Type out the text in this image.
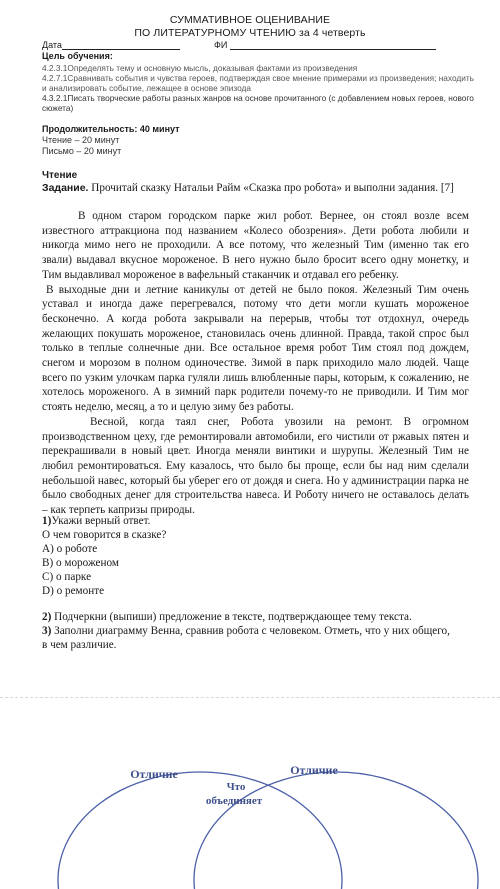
СУММАТИВНОЕ ОЦЕНИВАНИЕ
ПО ЛИТЕРАТУРНОМУ ЧТЕНИЮ за 4 четверть
Дата	ФИ
Цель обучения:
4.2.3.1Определять тему и основную мысль, доказывая фактами из произведения
4.2.7.1Сравнивать события и чувства героев, подтверждая свое мнение примерами из произведения; находить и анализировать событие, лежащее в основе эпизода
4.3.2.1Писать творческие работы разных жанров на основе прочитанного (с добавлением новых героев, нового сюжета)
Продолжительность: 40 минут
Чтение – 20 минут
Письмо – 20 минут
Чтение
Задание. Прочитай сказку Натальи Райм «Сказка про робота» и выполни задания. [7]

В одном старом городском парке жил робот. Вернее, он стоял возле всем известного аттракциона под названием «Колесо обозрения». Дети робота любили и никогда мимо него не проходили. А все потому, что железный Тим (именно так его звали) выдавал вкусное мороженое. В него нужно было бросит всего одну монетку, и Тим выдавливал мороженое в вафельный стаканчик и отдавал его ребенку.

В выходные дни и летние каникулы от детей не было покоя. Железный Тим очень уставал и иногда даже перегревался, потому что дети могли кушать мороженое бесконечно. А когда робота закрывали на перерыв, чтобы тот отдохнул, очередь желающих покушать мороженое, становилась очень длинной. Правда, такой спрос был только в теплые солнечные дни. Все остальное время робот Тим стоял под дождем, снегом и морозом в полном одиночестве. Зимой в парк приходило мало людей. Чаще всего по узким улочкам парка гуляли лишь влюбленные пары, которым, к сожалению, не хотелось мороженого. А в зимний парк родители почему-то не приводили. И Тим мог стоять неделю, месяц, а то и целую зиму без работы.

Весной, когда таял снег, Робота увозили на ремонт. В огромном производственном цеху, где ремонтировали автомобили, его чистили от ржавых пятен и перекрашивали в новый цвет. Иногда меняли винтики и шурупы. Железный Тим не любил ремонтироваться. Ему казалось, что было бы проще, если бы над ним сделали небольшой навес, который бы уберег его от дождя и снега. Но у администрации парка не было свободных денег для строительства навеса. И Роботу ничего не оставалось делать – как терпеть капризы природы.

1)Укажи верный ответ.
О чем говорится в сказке?
А) о роботе
В) о мороженом
С) о парке
D) о ремонте
2) Подчеркни (выпиши) предложение в тексте, подтверждающее тему текста.
3) Заполни диаграмму Венна, сравнив робота с человеком. Отметь, что у них общего, в чем различие.
Отличие	Отличие
Что
объединяет
